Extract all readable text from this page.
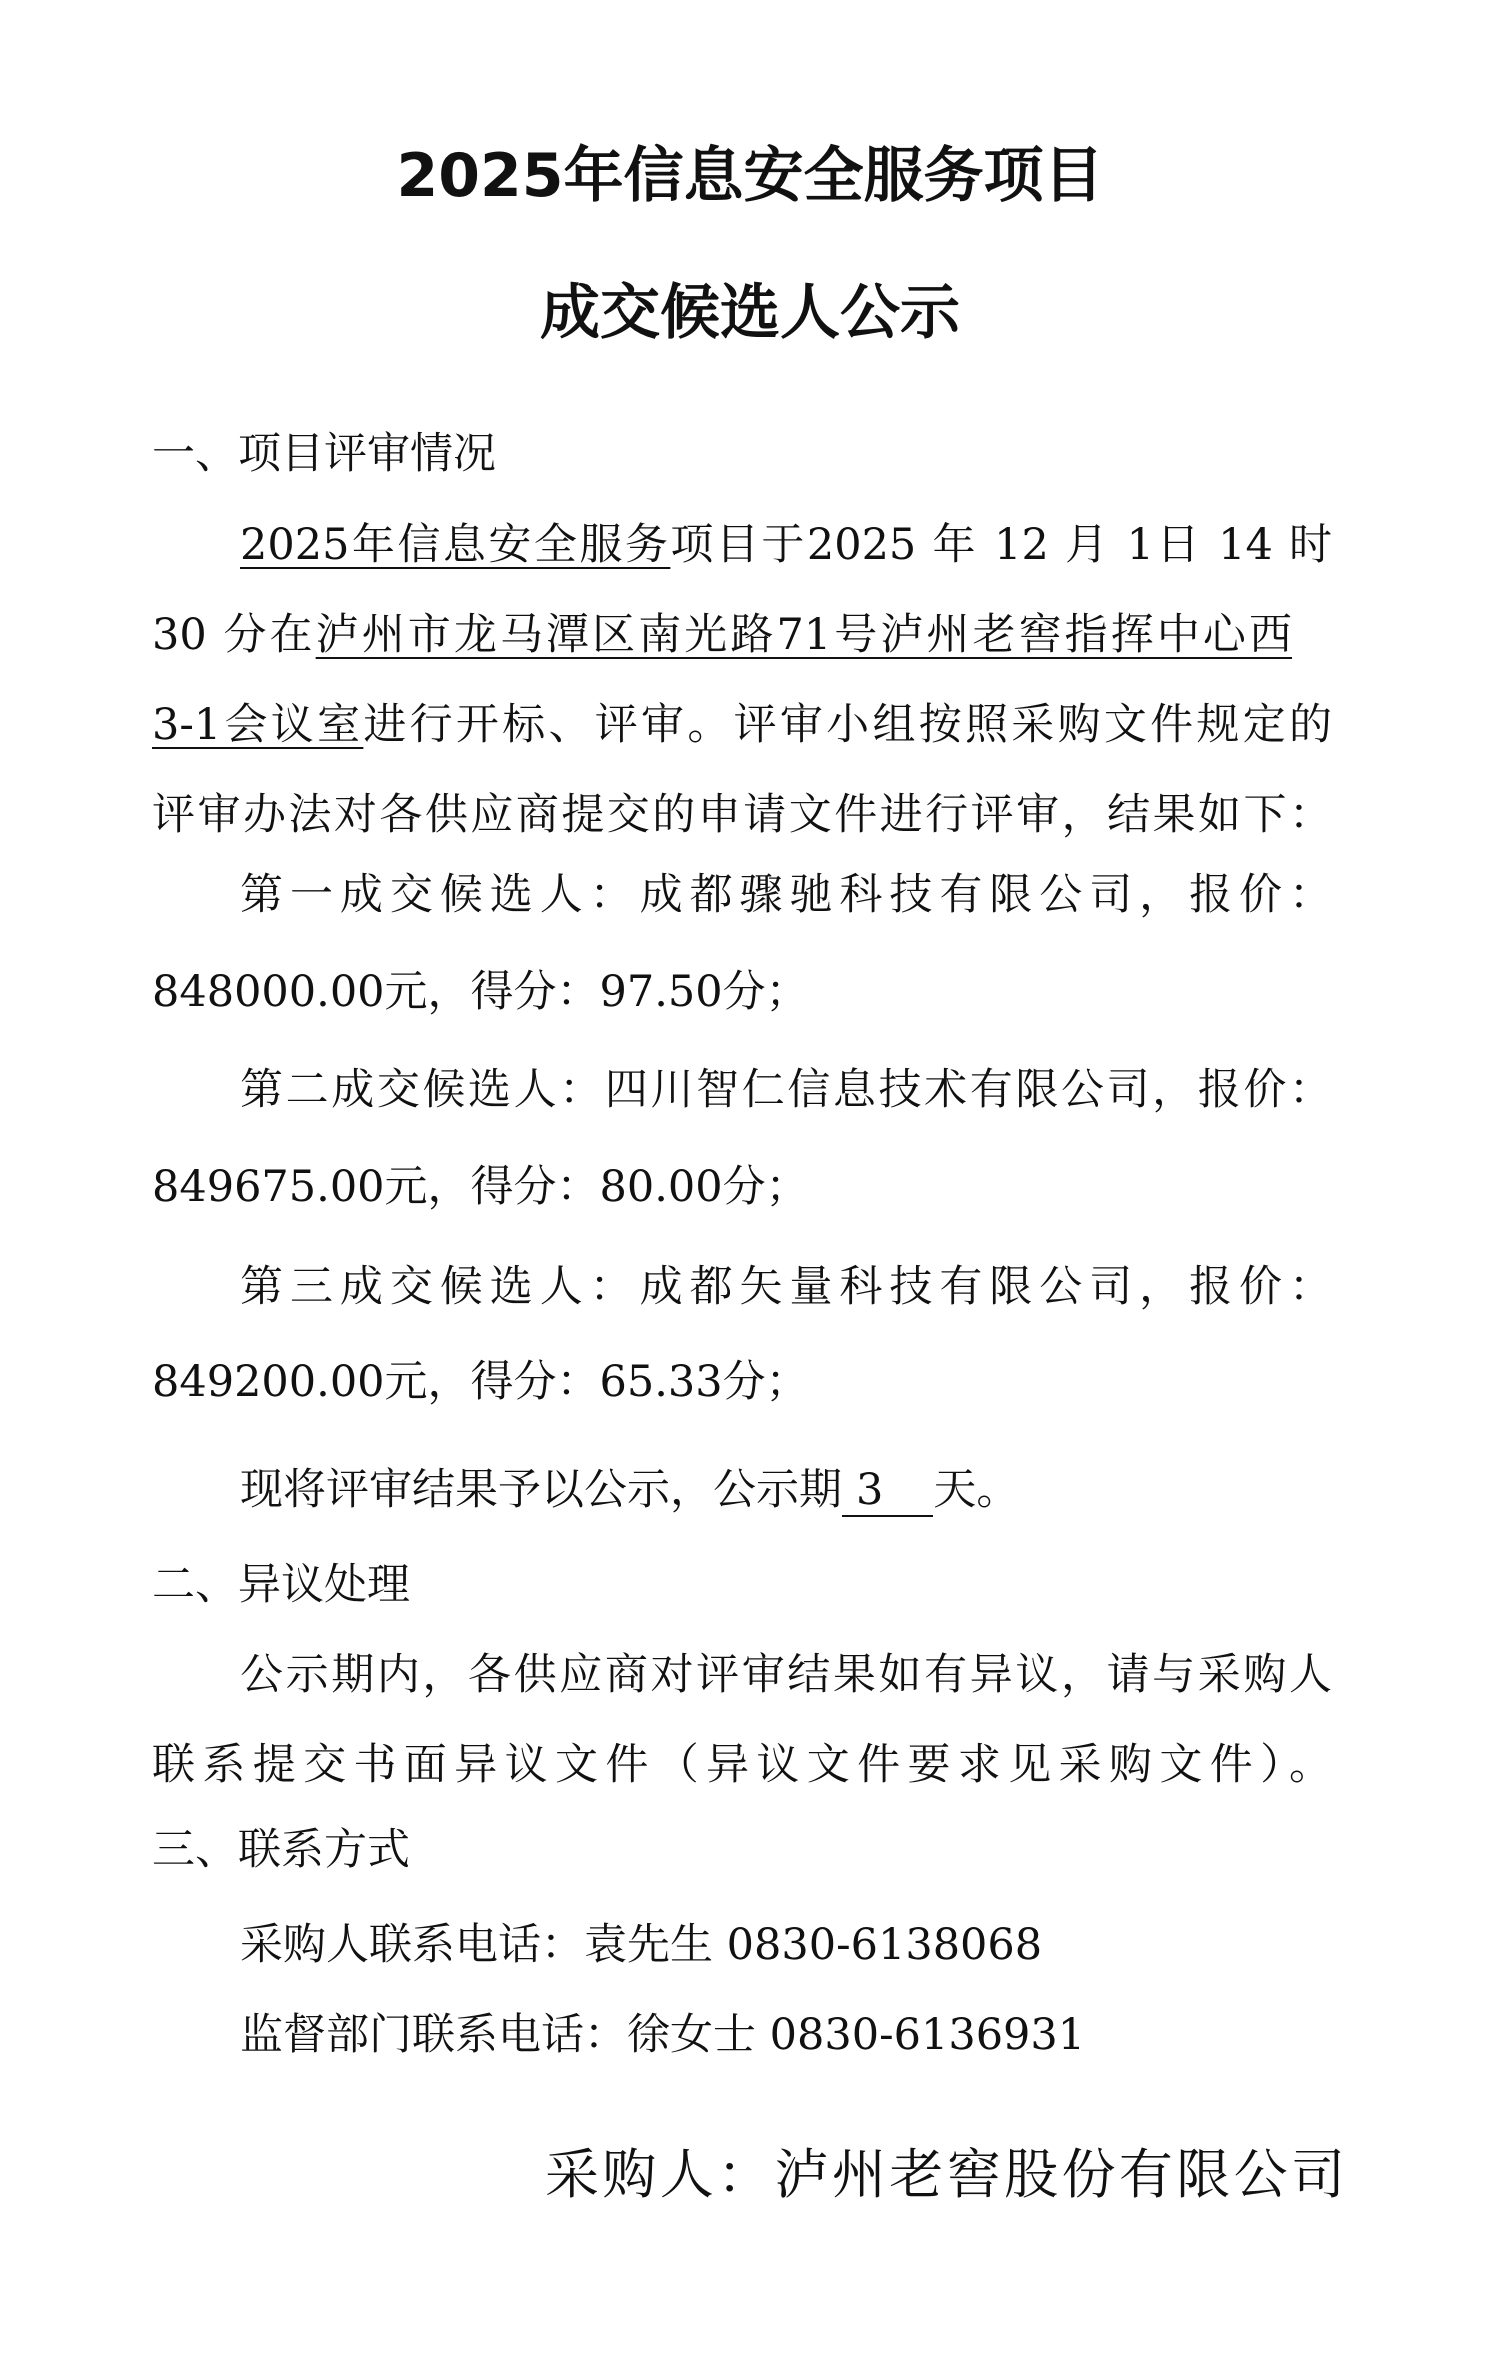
2025年信息安全服务项目
成交候选人公示

一、项目评审情况

2025年信息安全服务项目于2025 年 12 月 1日 14 时

30 分在泸州市龙马潭区南光路71号泸州老窖指挥中心西

3-1会议室进行开标、评审。评审小组按照采购文件规定的

评审办法对各供应商提交的申请文件进行评审，结果如下：

第一成交候选人：成都骤驰科技有限公司，报价：

848000.00元，得分：97.50分；

第二成交候选人：四川智仁信息技术有限公司，报价：

849675.00元，得分：80.00分；

第三成交候选人：成都矢量科技有限公司，报价：

849200.00元，得分：65.33分；

现将评审结果予以公示，公示期 3 天。

二、异议处理

公示期内，各供应商对评审结果如有异议，请与采购人

联系提交书面异议文件（异议文件要求见采购文件）。

三、联系方式

采购人联系电话：袁先生 0830-6138068

监督部门联系电话：徐女士 0830-6136931

采购人：泸州老窖股份有限公司
